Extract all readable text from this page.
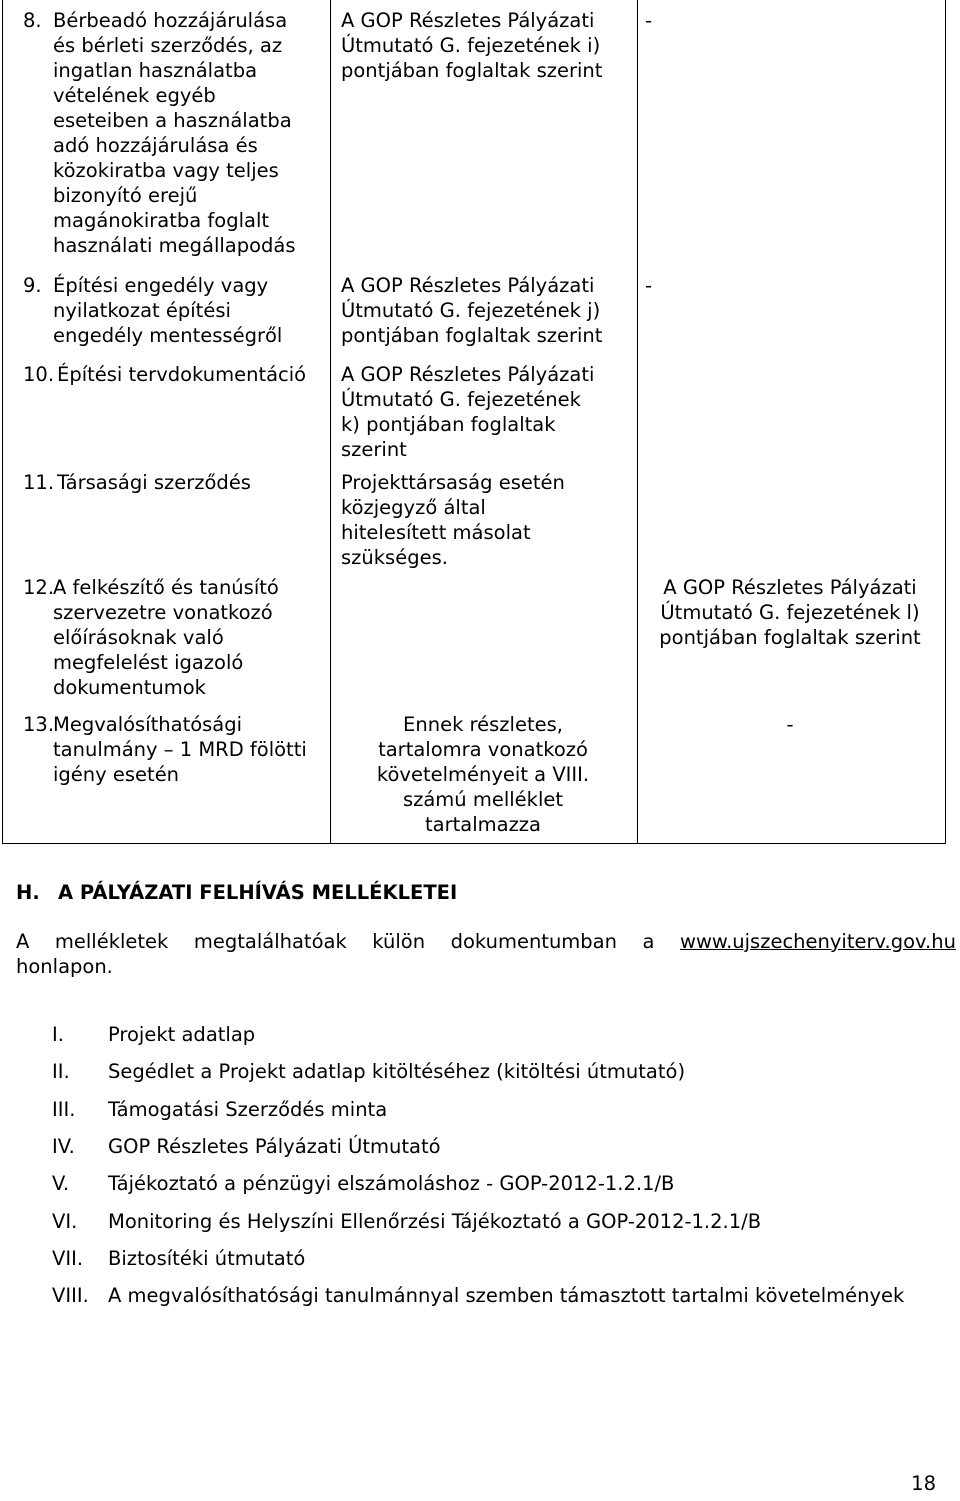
8. Bérbeadó hozzájárulása
és bérleti szerződés, az
ingatlan használatba
vételének egyéb
eseteiben a használatba
adó hozzájárulása és
közokiratba vagy teljes
bizonyító erejű
magánokiratba foglalt
használati megállapodás
A GOP Részletes Pályázati
Útmutató G. fejezetének i)
pontjában foglaltak szerint
-
9. Építési engedély vagy
nyilatkozat építési
engedély mentességről
A GOP Részletes Pályázati
Útmutató G. fejezetének j)
pontjában foglaltak szerint
-
10. Építési tervdokumentáció	A GOP Részletes Pályázati
Útmutató G. fejezetének
k) pontjában foglaltak
szerint
11. Társasági szerződés	Projekttársaság esetén
közjegyző által
hitelesített másolat
szükséges.
12.
A felkészítő és tanúsító
szervezetre vonatkozó
előírásoknak való
megfelelést igazoló
dokumentumok
A GOP Részletes Pályázati
Útmutató G. fejezetének l)
pontjában foglaltak szerint
13.
Megvalósíthatósági
tanulmány – 1 MRD fölötti
igény esetén
Ennek részletes,
tartalomra vonatkozó
követelményeit a VIII.
számú melléklet
tartalmazza
-
H. A PÁLYÁZATI FELHÍVÁS MELLÉKLETEI
A mellékletek megtalálhatóak külön dokumentumban a www.ujszechenyiterv.gov.hu
honlapon.
I. Projekt adatlap
II. Segédlet a Projekt adatlap kitöltéséhez (kitöltési útmutató)
III. Támogatási Szerződés minta
IV. GOP Részletes Pályázati Útmutató
V. Tájékoztató a pénzügyi elszámoláshoz - GOP-2012-1.2.1/B
VI. Monitoring és Helyszíni Ellenőrzési Tájékoztató a GOP-2012-1.2.1/B
VII. Biztosítéki útmutató
VIII. A megvalósíthatósági tanulmánnyal szemben támasztott tartalmi követelmények
18
